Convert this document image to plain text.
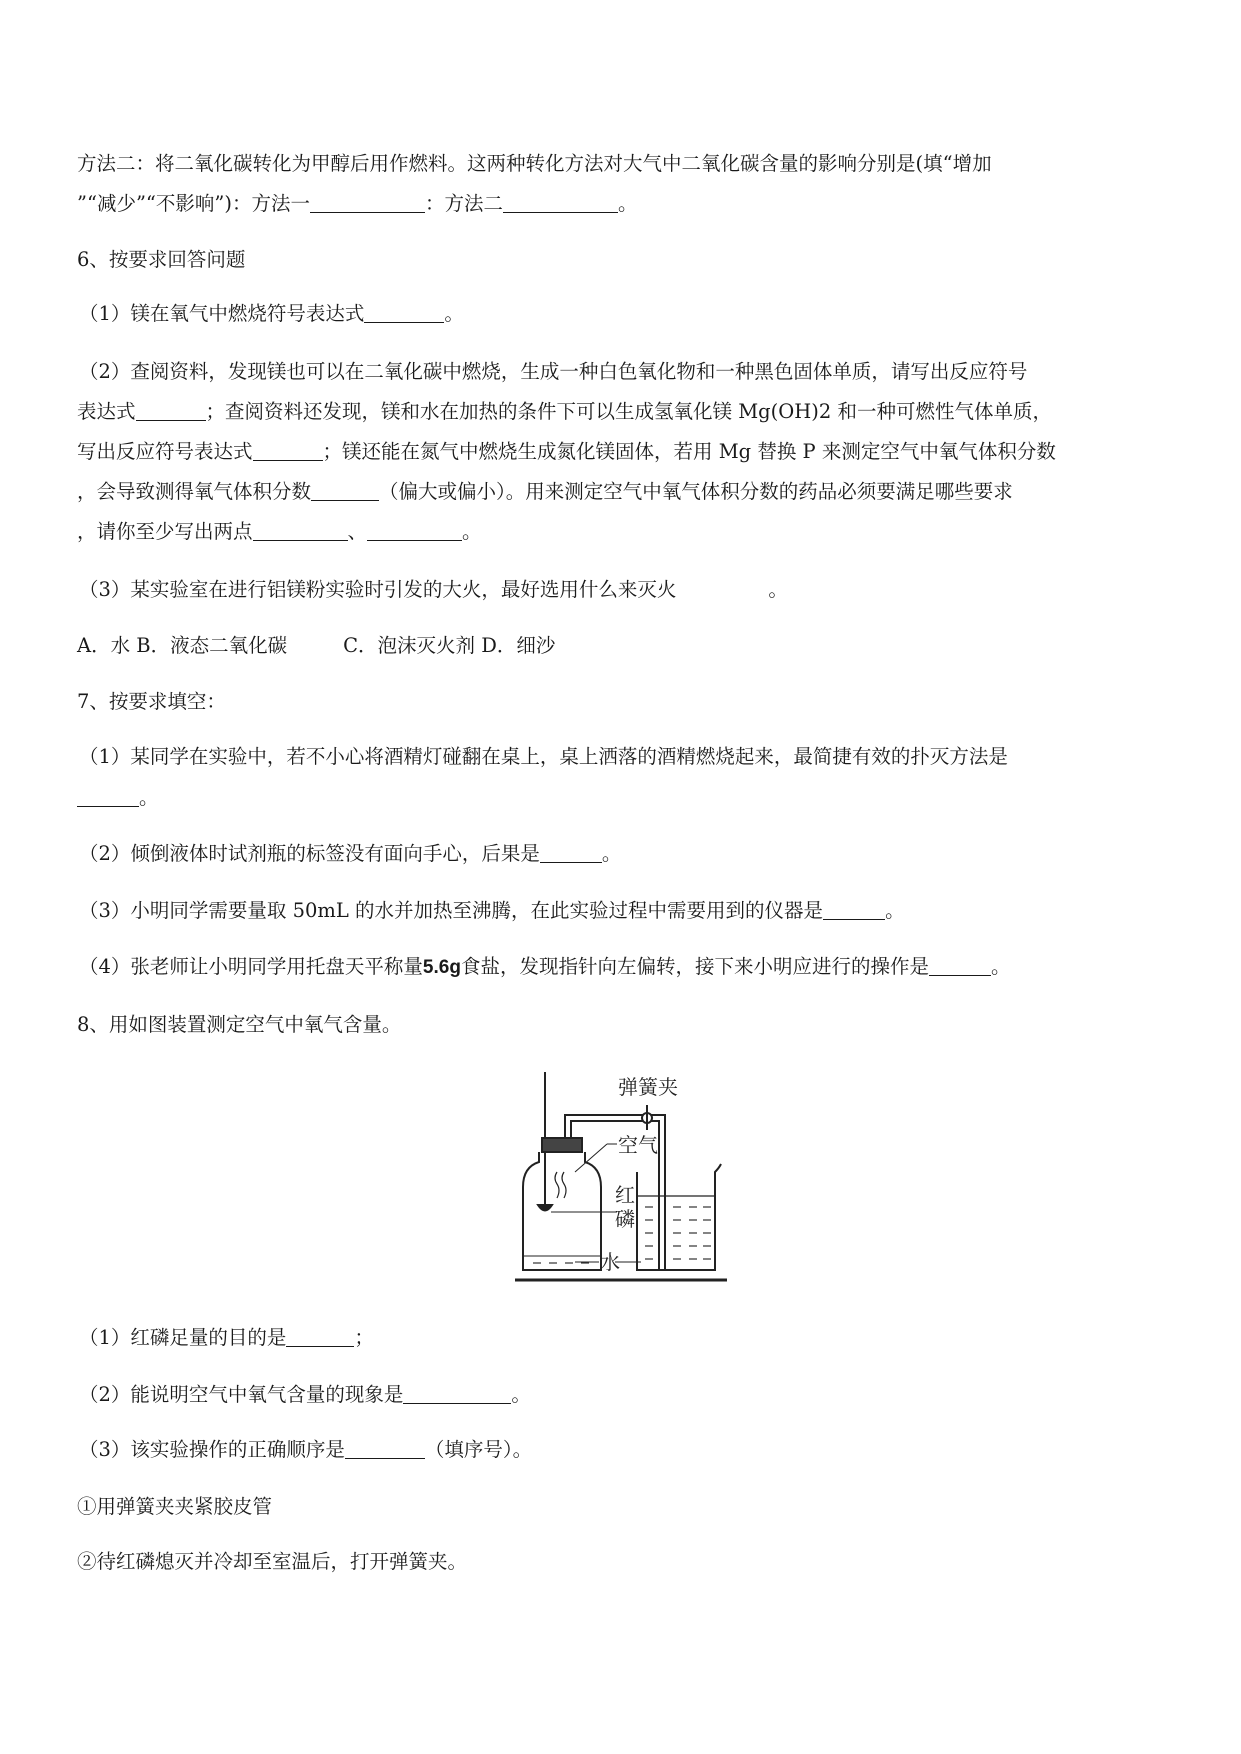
方法二：将二氧化碳转化为甲醇后用作燃料。这两种转化方法对大气中二氧化碳含量的影响分别是(填“增加
”“减少”“不影响”)：方法一	：方法二	。
6、按要求回答问题
（1）镁在氧气中燃烧符号表达式	。
（2）查阅资料，发现镁也可以在二氧化碳中燃烧，生成一种白色氧化物和一种黑色固体单质，请写出反应符号
表达式	；查阅资料还发现，镁和水在加热的条件下可以生成氢氧化镁 Mg(OH)2 和一种可燃性气体单质，
写出反应符号表达式	；镁还能在氮气中燃烧生成氮化镁固体，若用 Mg 替换 P 来测定空气中氧气体积分数
，会导致测得氧气体积分数	（偏大或偏小）。用来测定空气中氧气体积分数的药品必须要满足哪些要求
，请你至少写出两点	、	。
（3）某实验室在进行铝镁粉实验时引发的大火，最好选用什么来灭火	。
A．水 B．液态二氧化碳	C．泡沫灭火剂 D．细沙
7、按要求填空：
（1）某同学在实验中，若不小心将酒精灯碰翻在桌上，桌上洒落的酒精燃烧起来，最简捷有效的扑灭方法是
。
（2）倾倒液体时试剂瓶的标签没有面向手心，后果是	。
（3）小明同学需要量取 50mL 的水并加热至沸腾，在此实验过程中需要用到的仪器是	。
（4）张老师让小明同学用托盘天平称量5.6g食盐，发现指针向左偏转，接下来小明应进行的操作是	。
8、用如图装置测定空气中氧气含量。
弹簧夹
空气
红
磷
水
（1）红磷足量的目的是	；
（2）能说明空气中氧气含量的现象是	。
（3）该实验操作的正确顺序是	（填序号）。
①用弹簧夹夹紧胶皮管
②待红磷熄灭并冷却至室温后，打开弹簧夹。
